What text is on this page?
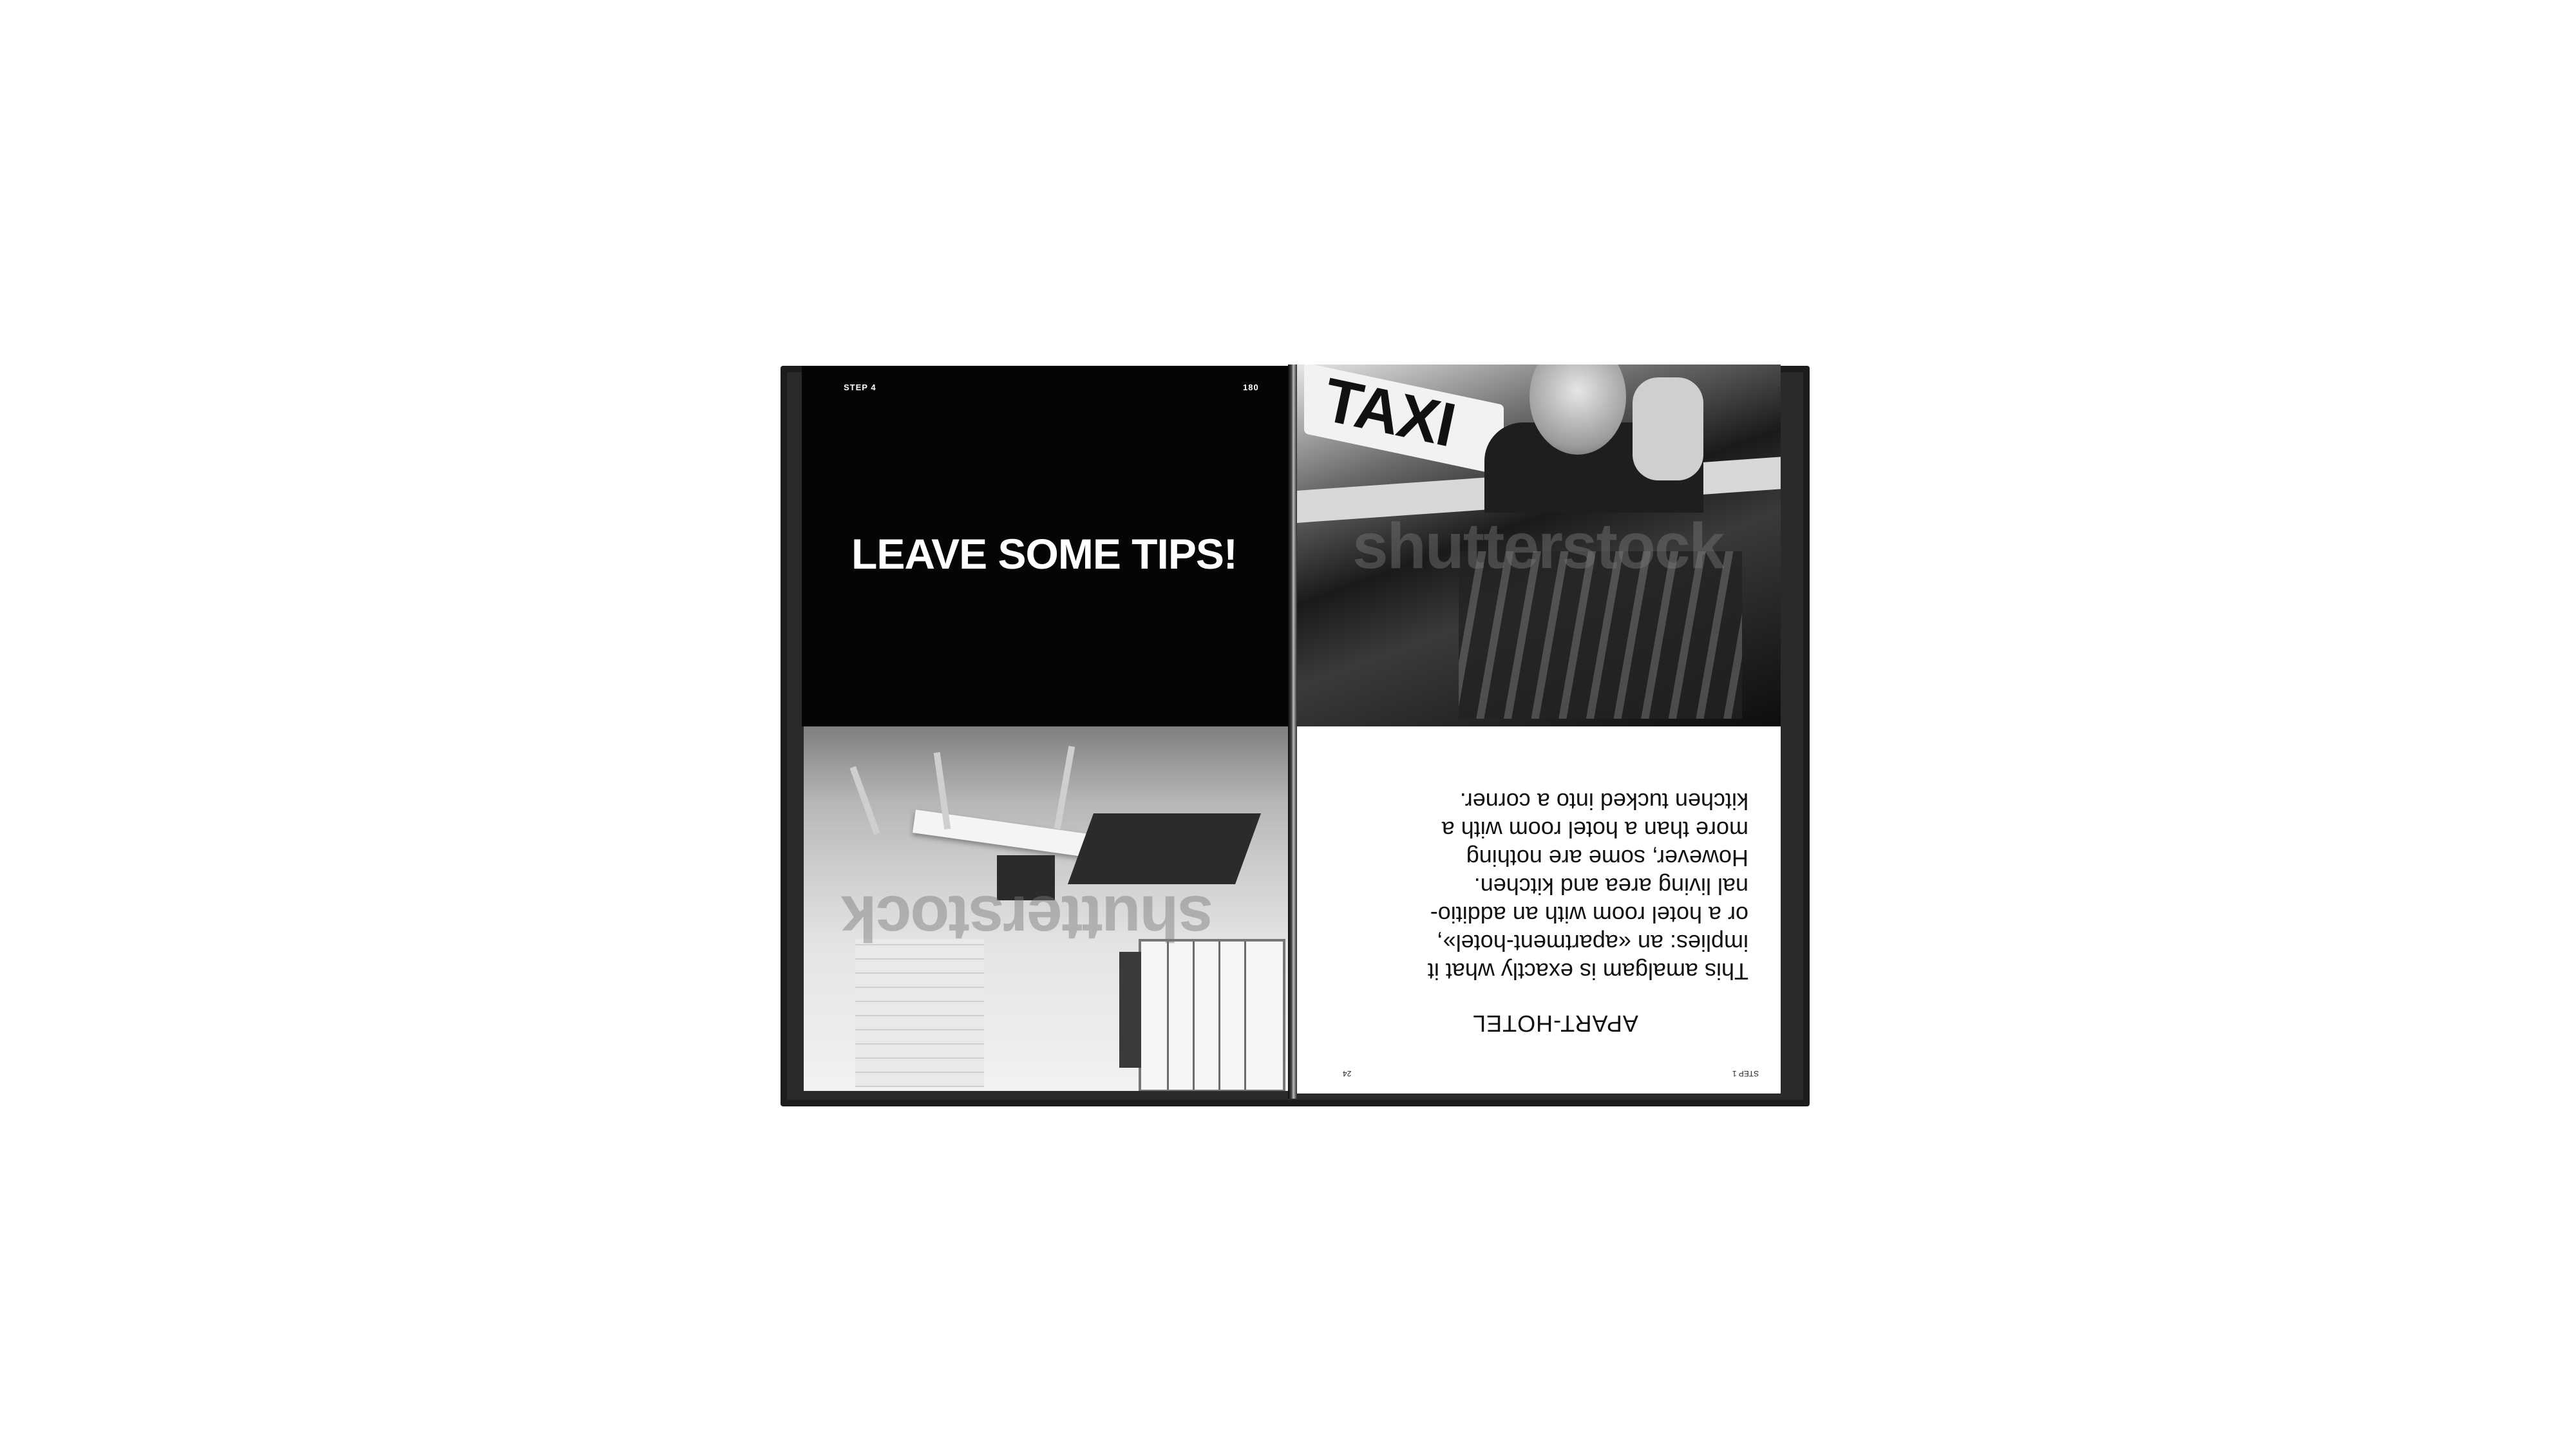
STEP 4	180
LEAVE SOME TIPS!
shutterstock
TAXI
shutterstock
APART-HOTEL

This amalgam is exactly what it
implies: an «apartment-hotel»,
or a hotel room with an additio-
nal living area and kitchen.
However, some are nothing
more than a hotel room with a
kitchen tucked into a corner.

24	STEP 1
